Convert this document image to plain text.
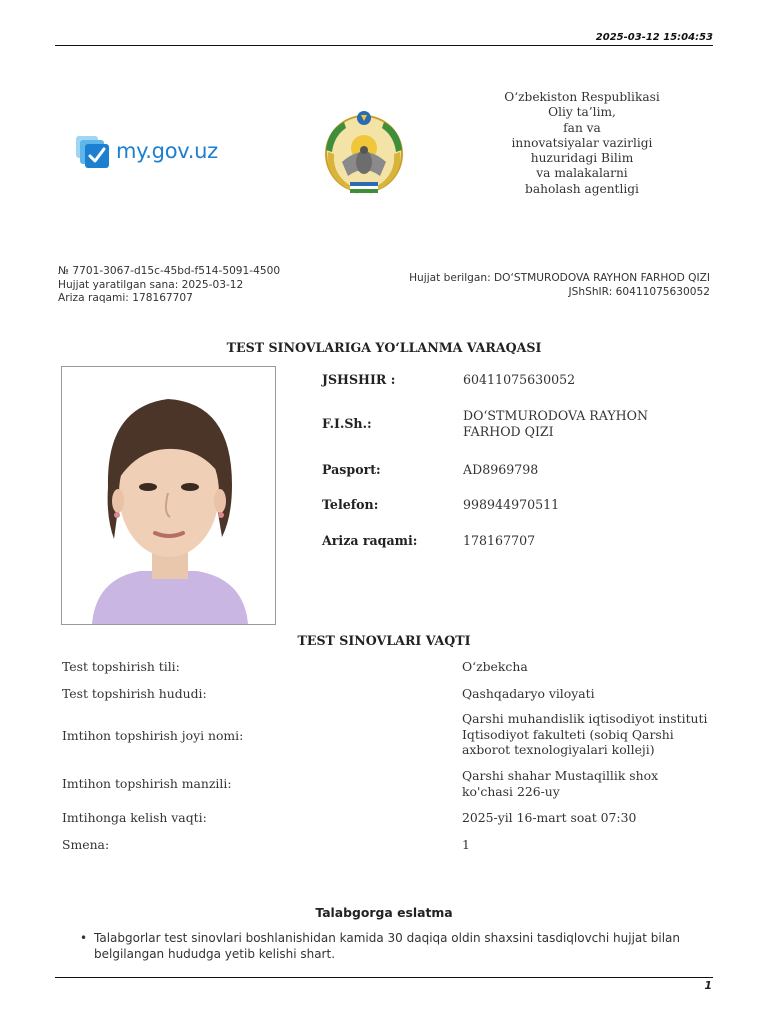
2025-03-12 15:04:53
my.gov.uz
O‘zbekiston Respublikasi
Oliy ta’lim,
fan va
innovatsiyalar vazirligi
huzuridagi Bilim
va malakalarni
baholash agentligi
№ 7701-3067-d15c-45bd-f514-5091-4500
Hujjat yaratilgan sana: 2025-03-12
Ariza raqami: 178167707
Hujjat berilgan: DO‘STMURODOVA RAYHON FARHOD QIZI
JShShIR: 60411075630052
TEST SINOVLARIGA YO‘LLANMA VARAQASI
JSHSHIR :	60411075630052
F.I.Sh.:
DO‘STMURODOVA RAYHON FARHOD QIZI
Pasport:	AD8969798
Telefon:	998944970511
Ariza raqami:	178167707
TEST SINOVLARI VAQTI
Test topshirish tili:	O‘zbekcha
Test topshirish hududi:	Qashqadaryo viloyati
Imtihon topshirish joyi nomi:
Qarshi muhandislik iqtisodiyot instituti Iqtisodiyot fakulteti (sobiq Qarshi axborot texnologiyalari kolleji)
Imtihon topshirish manzili:
Qarshi shahar Mustaqillik shox ko'chasi 226-uy
Imtihonga kelish vaqti:	2025-yil 16-mart soat 07:30
Smena:	1
Talabgorga eslatma
• Talabgorlar test sinovlari boshlanishidan kamida 30 daqiqa oldin shaxsini tasdiqlovchi hujjat bilan belgilangan hududga yetib kelishi shart.
1
